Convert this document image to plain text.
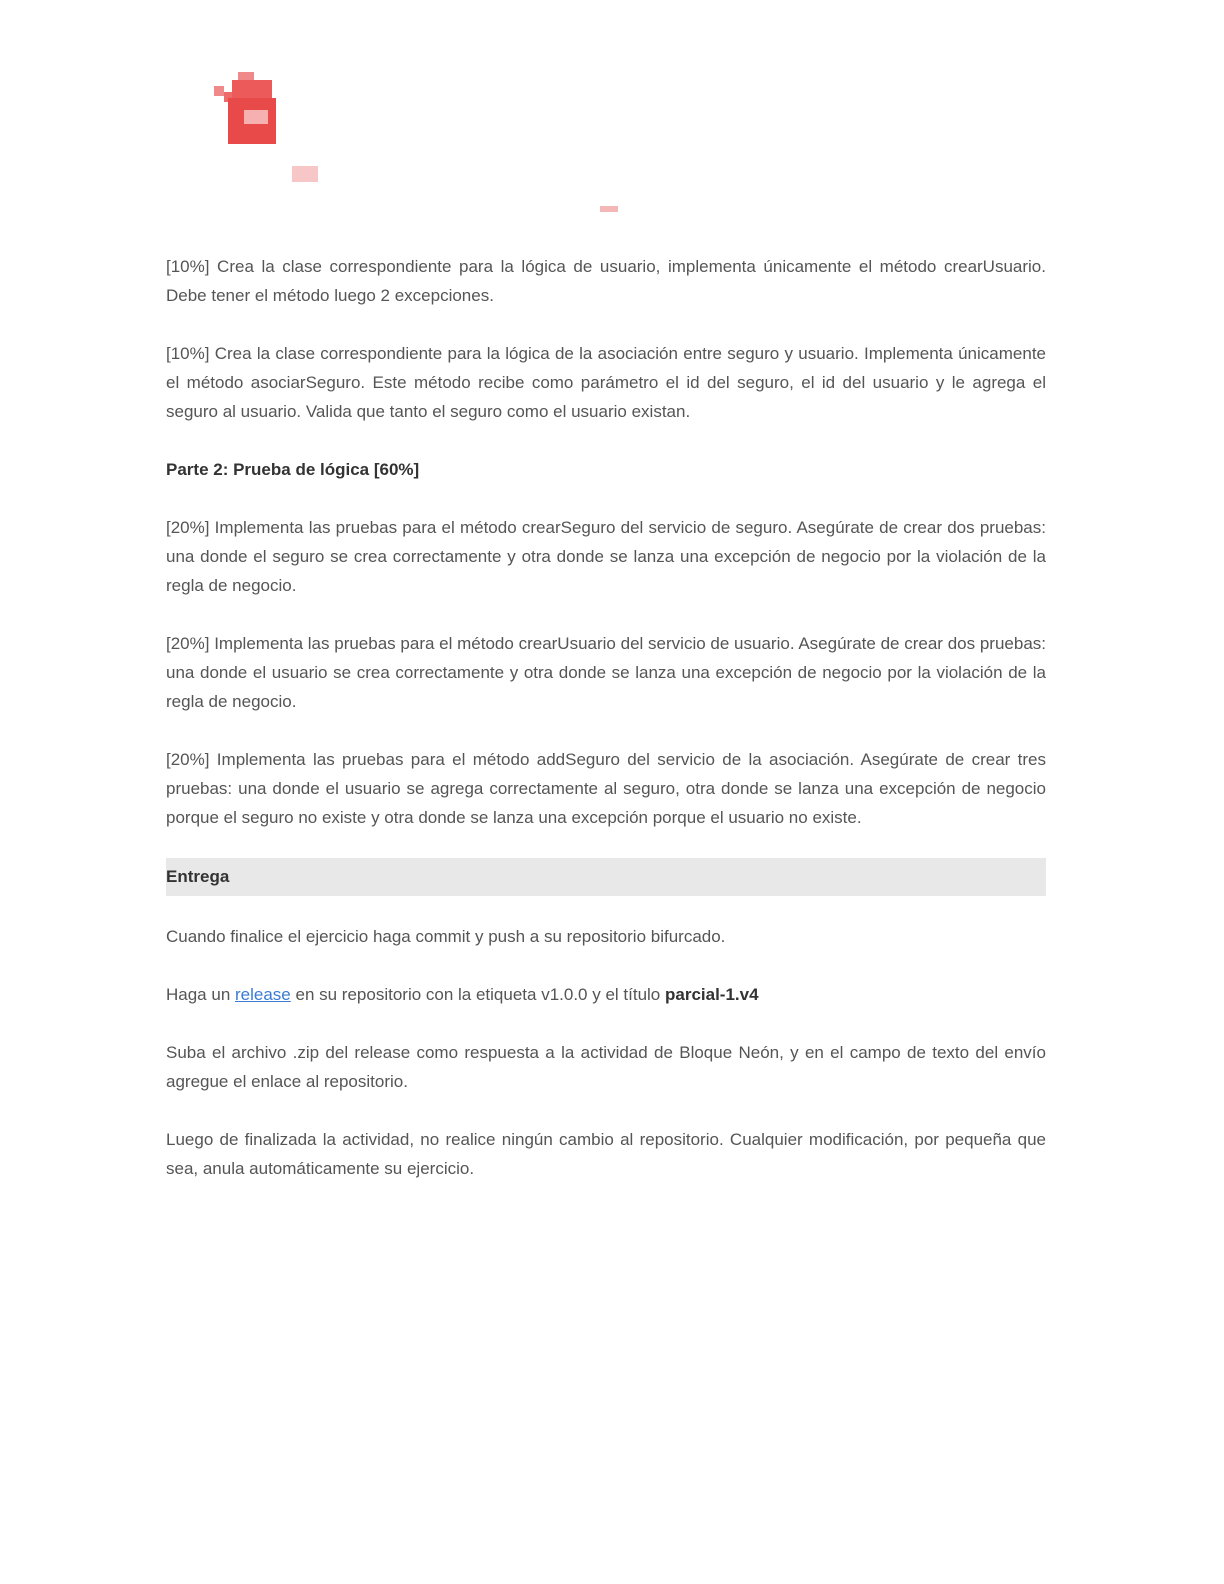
[10%] Crea la clase correspondiente para la lógica de usuario, implementa únicamente el método crearUsuario. Debe tener el método luego 2 excepciones.

[10%] Crea la clase correspondiente para la lógica de la asociación entre seguro y usuario. Implementa únicamente el método asociarSeguro. Este método recibe como parámetro el id del seguro, el id del usuario y le agrega el seguro al usuario. Valida que tanto el seguro como el usuario existan.

Parte 2: Prueba de lógica [60%]

[20%] Implementa las pruebas para el método crearSeguro del servicio de seguro. Asegúrate de crear dos pruebas: una donde el seguro se crea correctamente y otra donde se lanza una excepción de negocio por la violación de la regla de negocio.

[20%] Implementa las pruebas para el método crearUsuario del servicio de usuario. Asegúrate de crear dos pruebas: una donde el usuario se crea correctamente y otra donde se lanza una excepción de negocio por la violación de la regla de negocio.

[20%] Implementa las pruebas para el método addSeguro del servicio de la asociación. Asegúrate de crear tres pruebas: una donde el usuario se agrega correctamente al seguro, otra donde se lanza una excepción de negocio porque el seguro no existe y otra donde se lanza una excepción porque el usuario no existe.

Entrega

Cuando finalice el ejercicio haga commit y push a su repositorio bifurcado.

Haga un release en su repositorio con la etiqueta v1.0.0 y el título parcial-1.v4

Suba el archivo .zip del release como respuesta a la actividad de Bloque Neón, y en el campo de texto del envío agregue el enlace al repositorio.

Luego de finalizada la actividad, no realice ningún cambio al repositorio. Cualquier modificación, por pequeña que sea, anula automáticamente su ejercicio.
